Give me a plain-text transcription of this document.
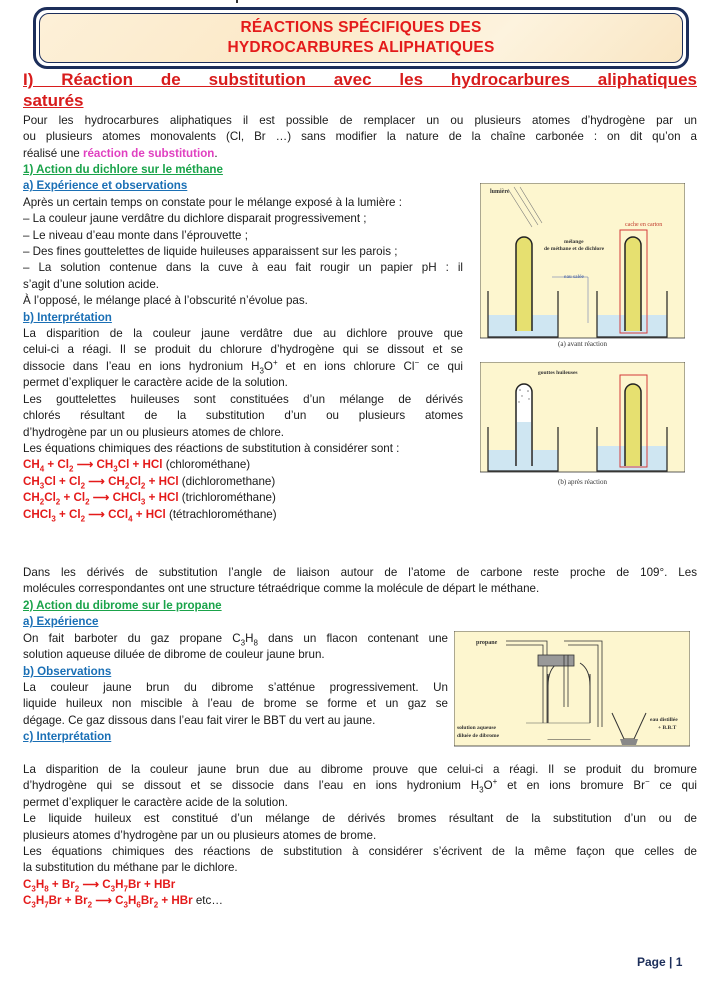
RÉACTIONS SPÉCIFIQUES DES
HYDROCARBURES ALIPHATIQUES
I) Réaction de substitution avec les hydrocarbures aliphatiques
saturés
Pour les hydrocarbures aliphatiques il est possible de remplacer un ou plusieurs atomes d’hydrogène par un
ou plusieurs atomes monovalents (Cl, Br …) sans modifier la nature de la chaîne carbonée : on dit qu’on a
réalisé une réaction de substitution.
1) Action du dichlore sur le méthane
a) Expérience et observations
Après un certain temps on constate pour le mélange exposé à la lumière :
– La couleur jaune verdâtre du dichlore disparait progressivement ;
– Le niveau d’eau monte dans l’éprouvette ;
– Des fines gouttelettes de liquide huileuses apparaissent sur les parois ;
– La solution contenue dans la cuve à eau fait rougir un papier pH : il
s’agit d’une solution acide.
À l’opposé, le mélange placé à l’obscurité n’évolue pas.
b) Interprétation
La disparition de la couleur jaune verdâtre due au dichlore prouve que
celui-ci a réagi. Il se produit du chlorure d’hydrogène qui se dissout et se
dissocie dans l’eau en ions hydronium $H_3O^+$ et en ions chlorure Cl− ce qui
permet d’expliquer le caractère acide de la solution.
Les gouttelettes huileuses sont constituées d’un mélange de dérivés
chlorés résultant de la substitution d’un ou plusieurs atomes
d’hydrogène par un ou plusieurs atomes de chlore.
Les équations chimiques des réactions de substitution à considérer sont :
$CH_4 + Cl_2$ ⟶ $CH_3Cl$ + HCl (chlorométhane)
$CH_3Cl + Cl_2$ ⟶ $CH_2Cl_2$ + HCl (dichloromethane)
$CH_2Cl_2 + Cl_2$ ⟶ CHCl$_3$ + HCl (trichlorométhane)
CHCl$_3$ + $Cl_2$ ⟶ CCl$_4$ + HCl (tétrachlorométhane)
Dans les dérivés de substitution l’angle de liaison autour de l’atome de carbone reste proche de 109°. Les
molécules correspondantes ont une structure tétraédrique comme la molécule de départ le méthane.
2) Action du dibrome sur le propane
a) Expérience
On fait barboter du gaz propane $C_3H_8$ dans un flacon contenant une
solution aqueuse diluée de dibrome de couleur jaune brun.
b) Observations
La couleur jaune brun du dibrome s’atténue progressivement. Un
liquide huileux non miscible à l’eau de brome se forme et un gaz se
dégage. Ce gaz dissous dans l’eau fait virer le BBT du vert au jaune.
c) Interprétation
La disparition de la couleur jaune brun due au dibrome prouve que celui-ci a réagi. Il se produit du bromure
d’hydrogène qui se dissout et se dissocie dans l’eau en ions hydronium $H_3O^+$ et en ions bromure Br− ce qui
permet d’expliquer le caractère acide de la solution.
Le liquide huileux est constitué d’un mélange de dérivés bromes résultant de la substitution d’un ou de
plusieurs atomes d’hydrogène par un ou plusieurs atomes de brome.
Les équations chimiques des réactions de substitution à considérer s’écrivent de la même façon que celles de
la substitution du méthane par le dichlore.
$C_3H_8 + Br_2$ ⟶ $C_3H_7Br$ + HBr
$C_3H_7Br + Br_2$ ⟶ $C_3H_6Br_2$ + HBr etc…
lumière
cache en carton
mélange
de méthane et de dichlore
eau salée
(a) avant réaction
gouttes huileuses
(b) après réaction
propane
solution aqueuse
diluée de dibrome
eau distillée
+ B.B.T
Page | 1
